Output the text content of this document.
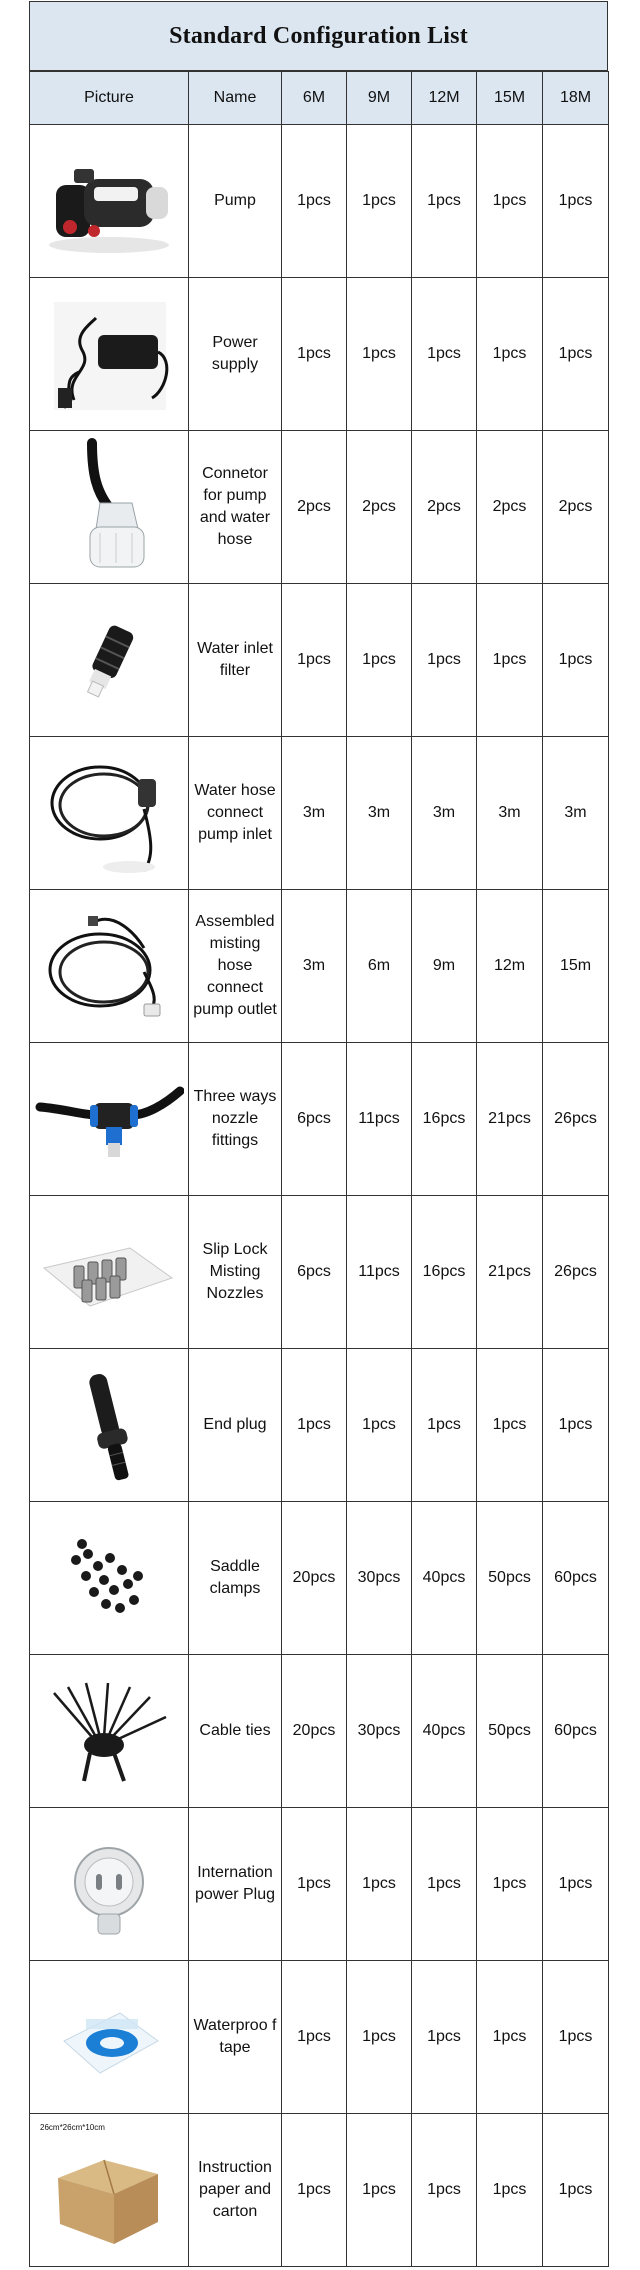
Standard Configuration List
Picture	Name	6M	9M	12M	15M	18M

	Pump	1pcs	1pcs	1pcs	1pcs	1pcs

	Power supply	1pcs	1pcs	1pcs	1pcs	1pcs

	Connetor for pump and water hose	2pcs	2pcs	2pcs	2pcs	2pcs

	Water inlet filter	1pcs	1pcs	1pcs	1pcs	1pcs

	Water hose connect pump inlet	3m	3m	3m	3m	3m

	Assembled misting hose connect pump outlet	3m	6m	9m	12m	15m

	Three ways nozzle fittings	6pcs	11pcs	16pcs	21pcs	26pcs

	Slip Lock Misting Nozzles	6pcs	11pcs	16pcs	21pcs	26pcs

	End plug	1pcs	1pcs	1pcs	1pcs	1pcs

	Saddle clamps	20pcs	30pcs	40pcs	50pcs	60pcs

	Cable ties	20pcs	30pcs	40pcs	50pcs	60pcs

	Internation power Plug	1pcs	1pcs	1pcs	1pcs	1pcs

	Waterproo f tape	1pcs	1pcs	1pcs	1pcs	1pcs

26cm*26cm*10cm	Instruction paper and carton	1pcs	1pcs	1pcs	1pcs	1pcs
